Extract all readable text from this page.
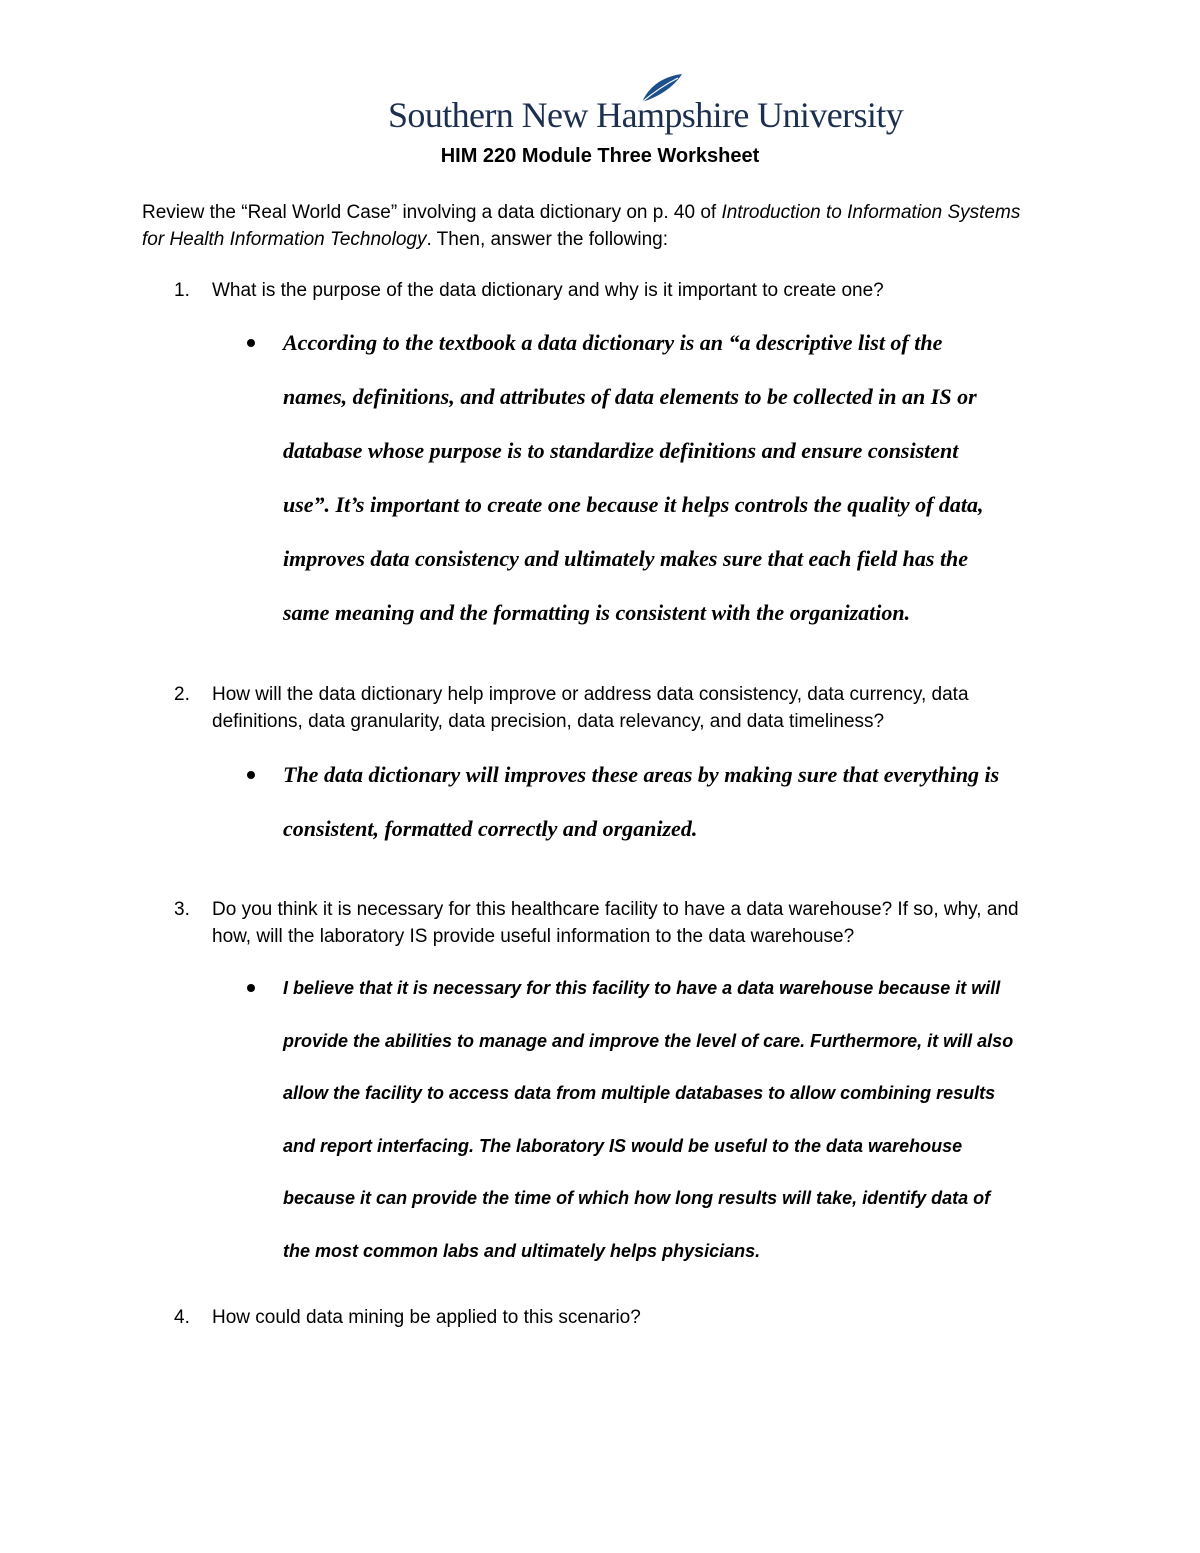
Southern New Hampshire University
HIM 220 Module Three Worksheet
Review the “Real World Case” involving a data dictionary on p. 40 of Introduction to Information Systems
for Health Information Technology. Then, answer the following:
1. What is the purpose of the data dictionary and why is it important to create one?
According to the textbook a data dictionary is an “a descriptive list of the
names, definitions, and attributes of data elements to be collected in an IS or
database whose purpose is to standardize definitions and ensure consistent
use”. It’s important to create one because it helps controls the quality of data,
improves data consistency and ultimately makes sure that each field has the
same meaning and the formatting is consistent with the organization.
2. How will the data dictionary help improve or address data consistency, data currency, data
definitions, data granularity, data precision, data relevancy, and data timeliness?
The data dictionary will improves these areas by making sure that everything is
consistent, formatted correctly and organized.
3. Do you think it is necessary for this healthcare facility to have a data warehouse? If so, why, and
how, will the laboratory IS provide useful information to the data warehouse?
I believe that it is necessary for this facility to have a data warehouse because it will
provide the abilities to manage and improve the level of care. Furthermore, it will also
allow the facility to access data from multiple databases to allow combining results
and report interfacing. The laboratory IS would be useful to the data warehouse
because it can provide the time of which how long results will take, identify data of
the most common labs and ultimately helps physicians.
4. How could data mining be applied to this scenario?
